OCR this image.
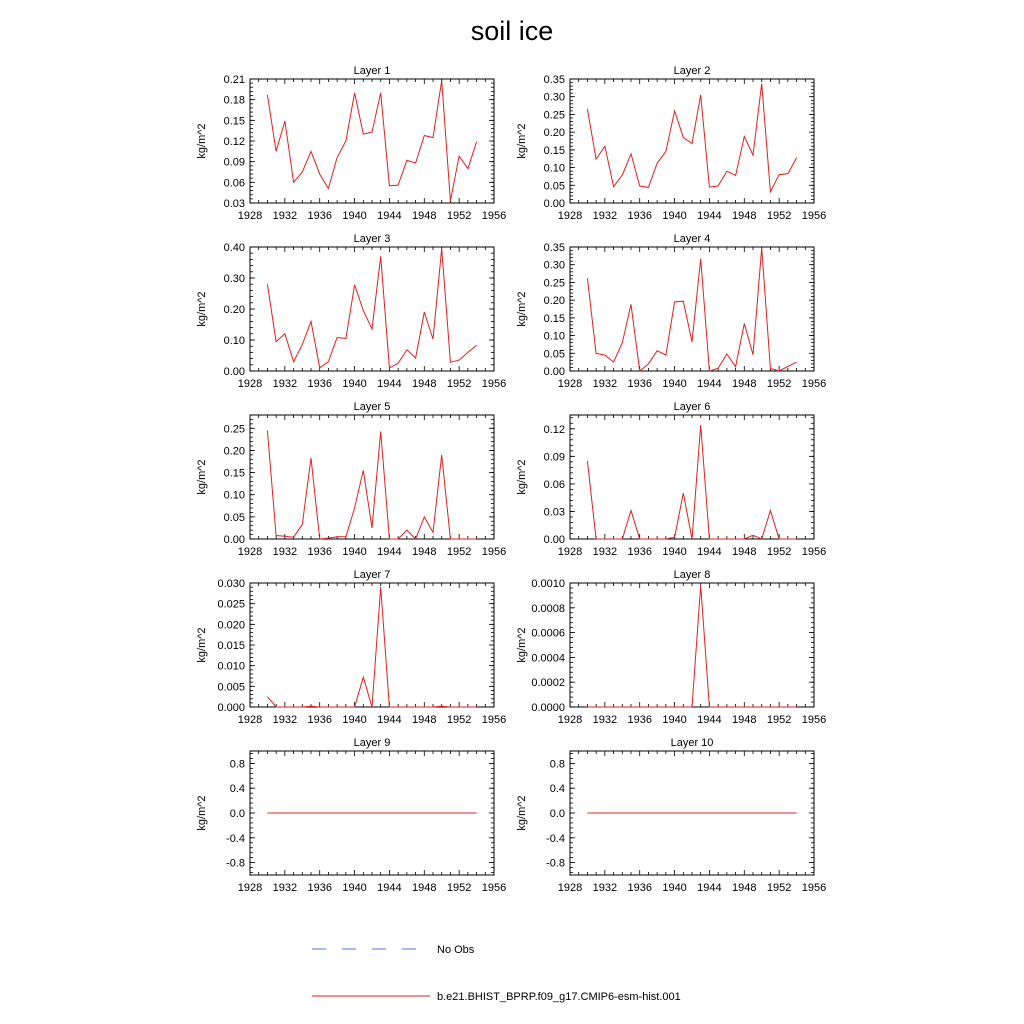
soil ice
Layer 1
kg/m^2
1928 1932 1936 1940 1944 1948 1952 1956
0.03
0.06
0.09
0.12
0.15
0.18
0.21
Layer 2
kg/m^2
1928 1932 1936 1940 1944 1948 1952 1956
0.00
0.05
0.10
0.15
0.20
0.25
0.30
0.35
Layer 3
kg/m^2
1928 1932 1936 1940 1944 1948 1952 1956
0.00
0.10
0.20
0.30
0.40
Layer 4
kg/m^2
1928 1932 1936 1940 1944 1948 1952 1956
0.00
0.05
0.10
0.15
0.20
0.25
0.30
0.35
Layer 5
kg/m^2
1928 1932 1936 1940 1944 1948 1952 1956
0.00
0.05
0.10
0.15
0.20
0.25
Layer 6
kg/m^2
1928 1932 1936 1940 1944 1948 1952 1956
0.00
0.03
0.06
0.09
0.12
Layer 7
kg/m^2
1928 1932 1936 1940 1944 1948 1952 1956
0.000
0.005
0.010
0.015
0.020
0.025
0.030
Layer 8
kg/m^2
1928 1932 1936 1940 1944 1948 1952 1956
0.0000
0.0002
0.0004
0.0006
0.0008
0.0010
Layer 9
kg/m^2
1928 1932 1936 1940 1944 1948 1952 1956
-0.8
-0.4
0.0
0.4
0.8
Layer 10
kg/m^2
1928 1932 1936 1940 1944 1948 1952 1956
-0.8
-0.4
0.0
0.4
0.8
No Obs
b.e21.BHIST_BPRP.f09_g17.CMIP6-esm-hist.001
